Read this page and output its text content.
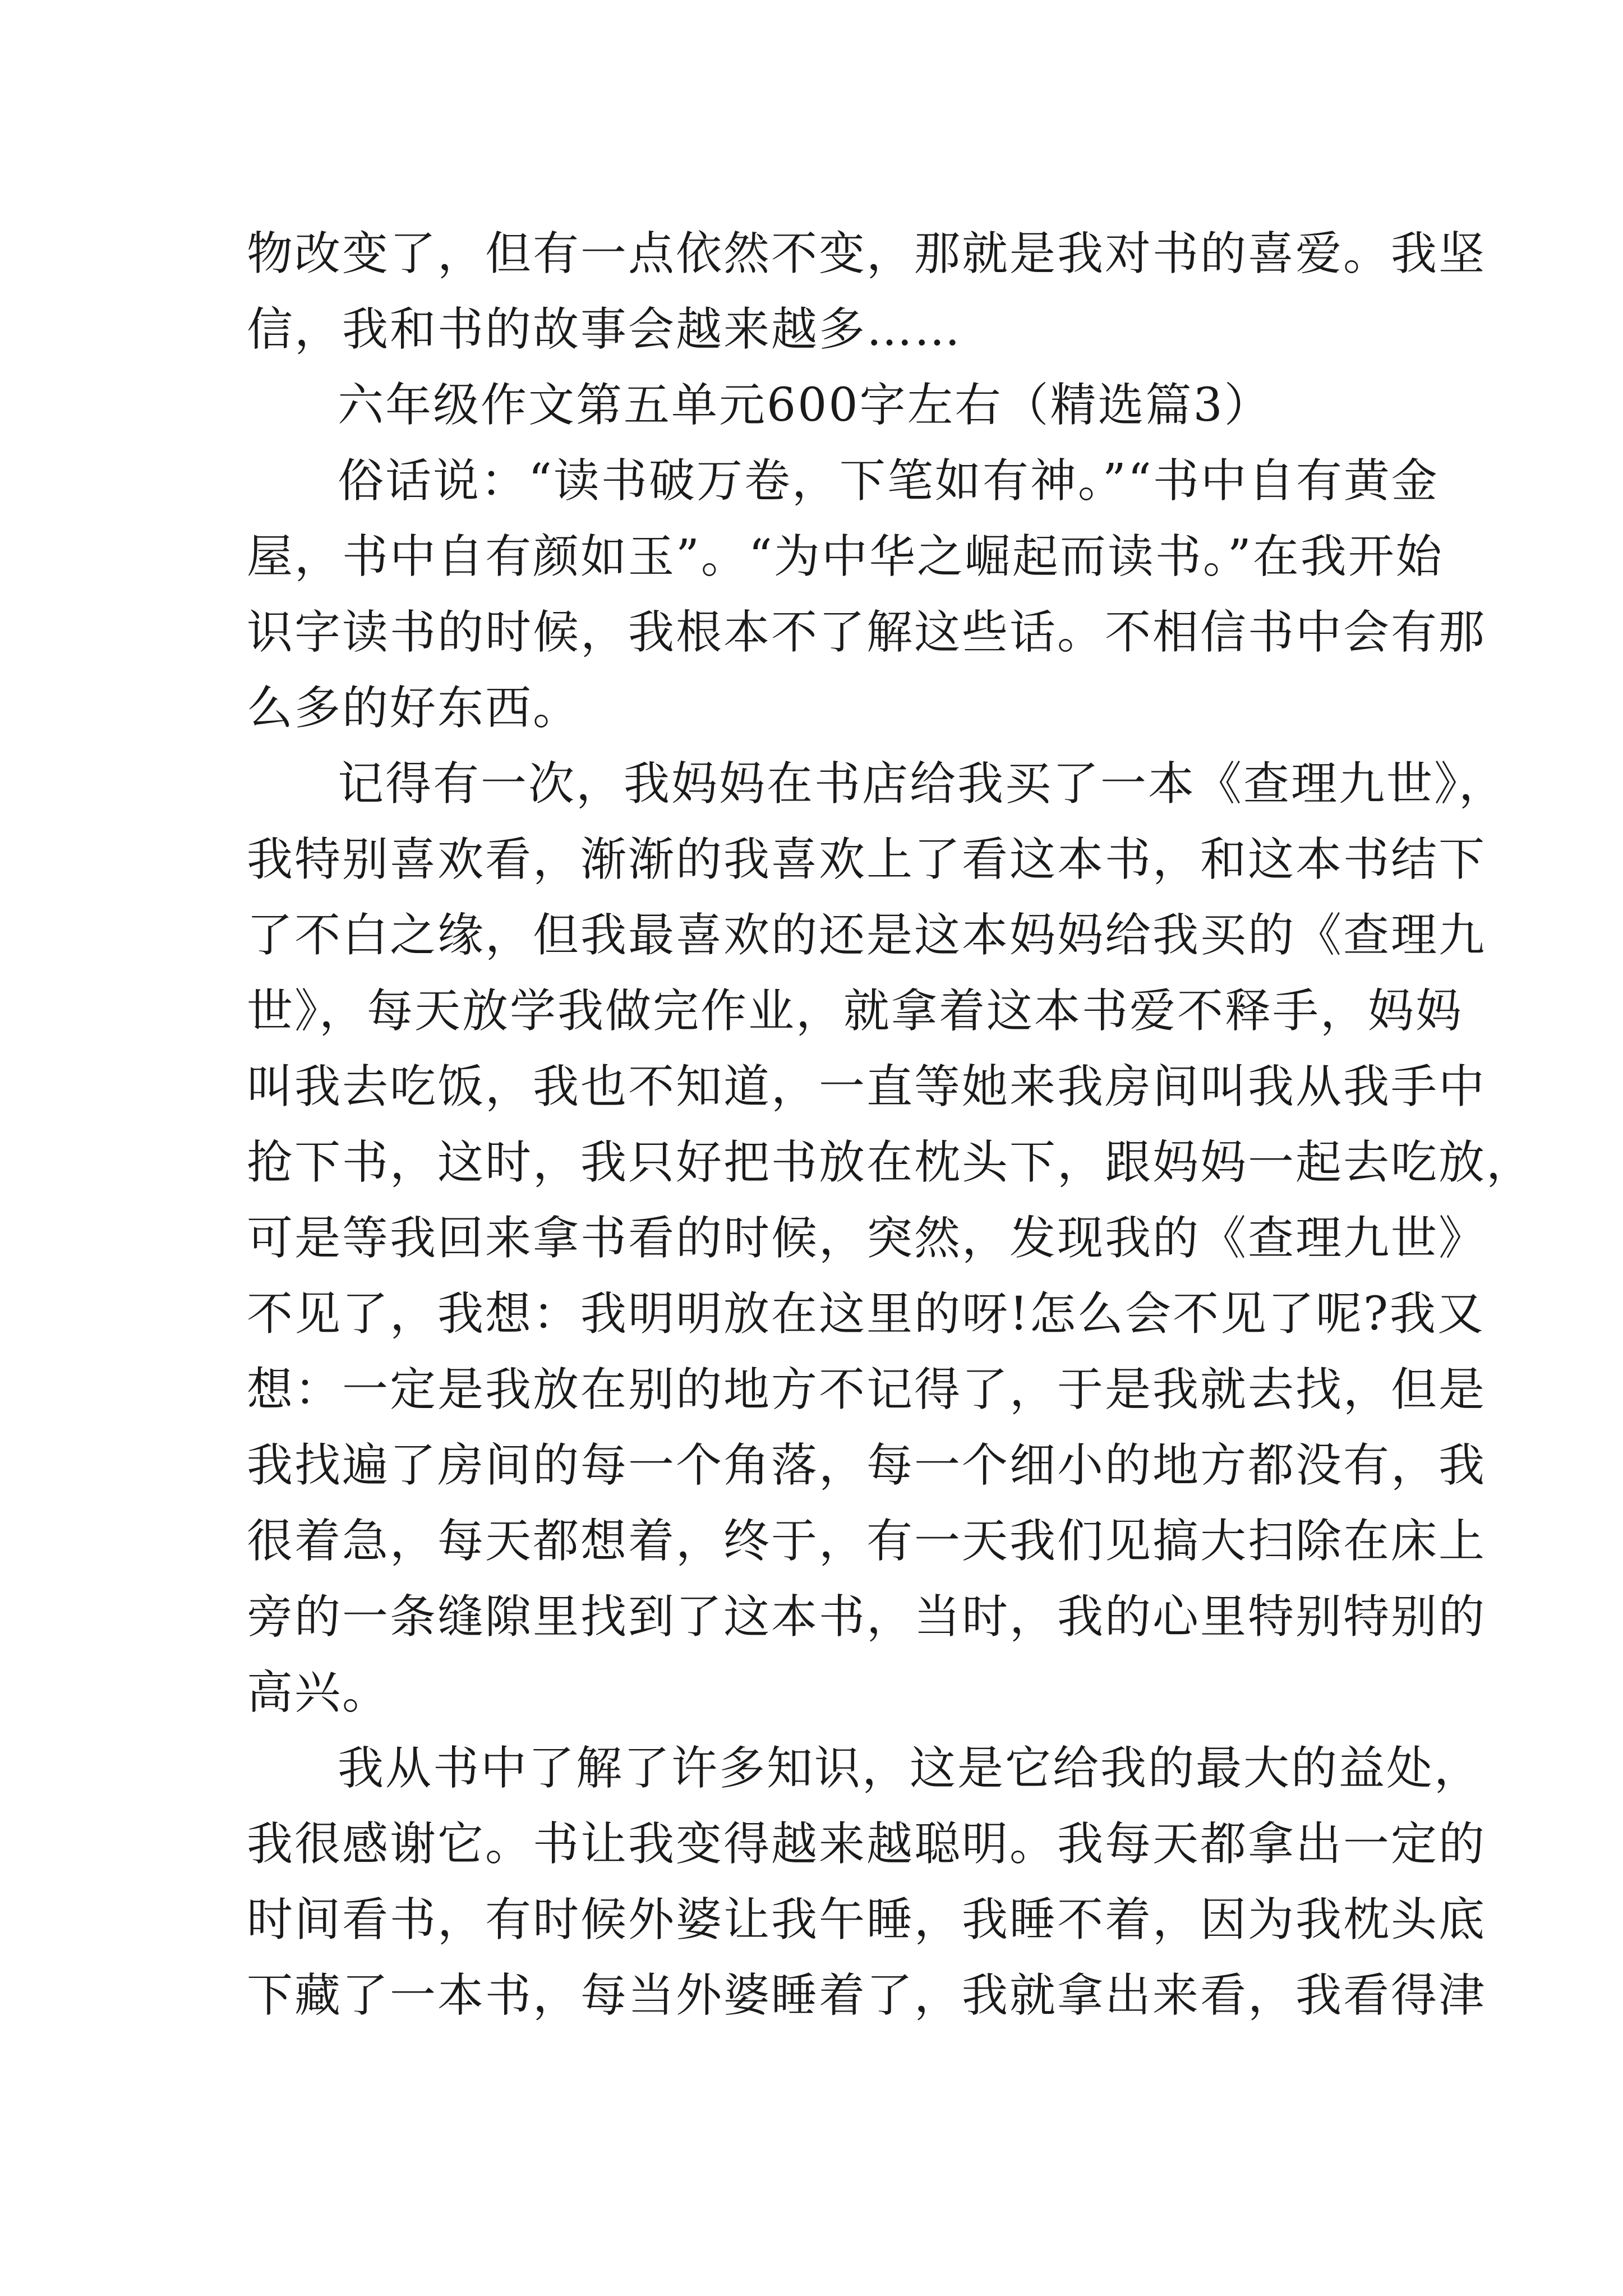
物改变了，但有一点依然不变，那就是我对书的喜爱。我坚
信，我和书的故事会越来越多……
六年级作文第五单元600字左右（精选篇3）
俗话说：“读书破万卷，下笔如有神。”“书中自有黄金
屋，书中自有颜如玉”。“为中华之崛起而读书。”在我开始
识字读书的时候，我根本不了解这些话。不相信书中会有那
么多的好东西。
记得有一次，我妈妈在书店给我买了一本《查理九世》，
我特别喜欢看，渐渐的我喜欢上了看这本书，和这本书结下
了不白之缘，但我最喜欢的还是这本妈妈给我买的《查理九
世》，每天放学我做完作业，就拿着这本书爱不释手，妈妈
叫我去吃饭，我也不知道，一直等她来我房间叫我从我手中
抢下书，这时，我只好把书放在枕头下，跟妈妈一起去吃放，
可是等我回来拿书看的时候，突然，发现我的《查理九世》
不见了，我想：我明明放在这里的呀!怎么会不见了呢?我又
想：一定是我放在别的地方不记得了，于是我就去找，但是
我找遍了房间的每一个角落，每一个细小的地方都没有，我
很着急，每天都想着，终于，有一天我们见搞大扫除在床上
旁的一条缝隙里找到了这本书，当时，我的心里特别特别的
高兴。
我从书中了解了许多知识，这是它给我的最大的益处，
我很感谢它。书让我变得越来越聪明。我每天都拿出一定的
时间看书，有时候外婆让我午睡，我睡不着，因为我枕头底
下藏了一本书，每当外婆睡着了，我就拿出来看，我看得津
